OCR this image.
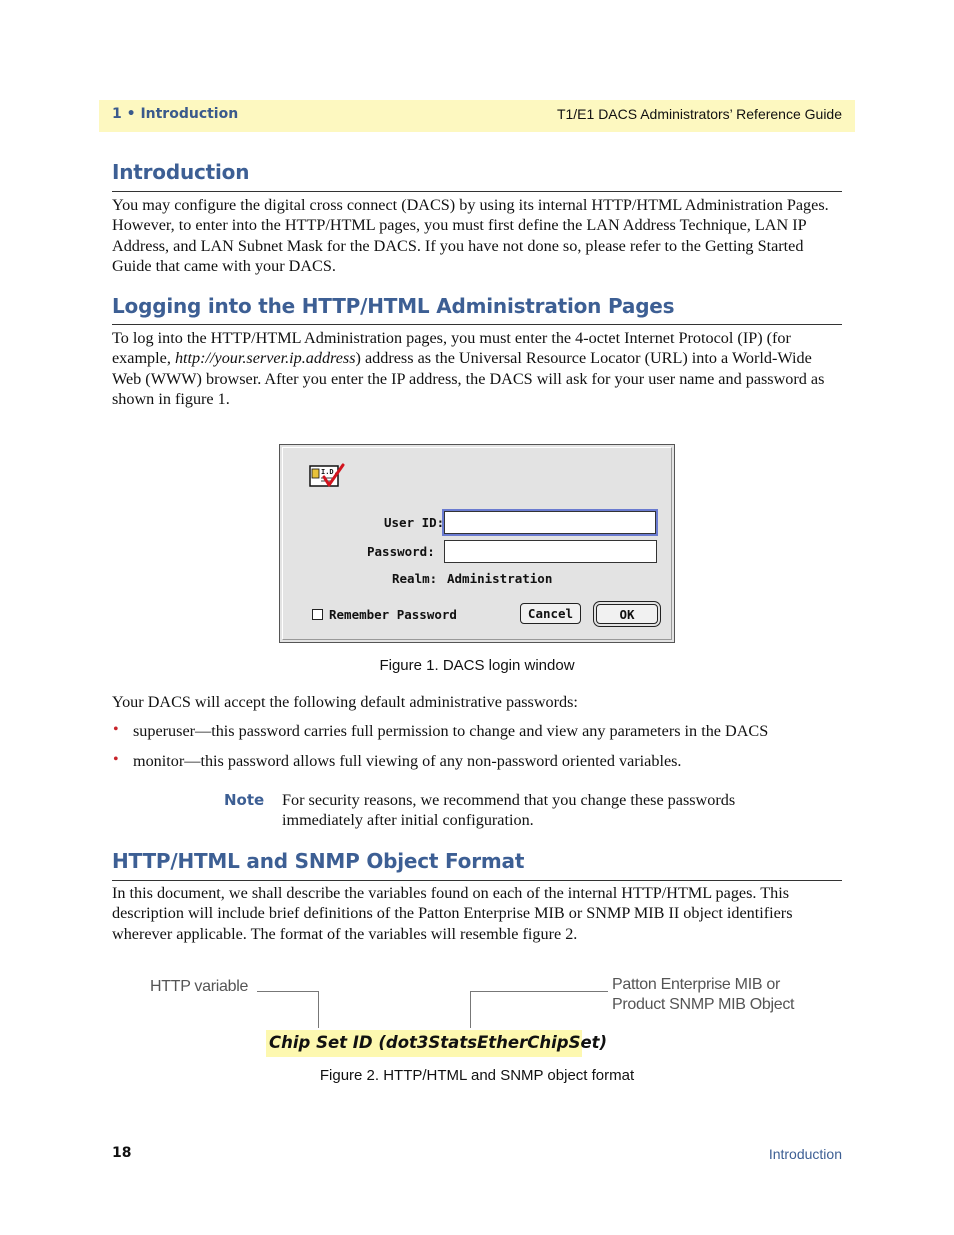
1 • Introduction	T1/E1 DACS Administrators’ Reference Guide
Introduction

You may configure the digital cross connect (DACS) by using its internal HTTP/HTML Administration Pages. However, to enter into the HTTP/HTML pages, you must first define the LAN Address Technique, LAN IP Address, and LAN Subnet Mask for the DACS. If you have not done so, please refer to the Getting Started Guide that came with your DACS.

Logging into the HTTP/HTML Administration Pages

To log into the HTTP/HTML Administration pages, you must enter the 4-octet Internet Protocol (IP) (for example, http://your.server.ip.address) address as the Universal Resource Locator (URL) into a World-Wide Web (WWW) browser. After you enter the IP address, the DACS will ask for your user name and password as shown in figure 1.

I.D.
User ID:
Password:
Realm: Administration
Remember Password	Cancel	OK
Figure 1. DACS login window

Your DACS will accept the following default administrative passwords:

• superuser—this password carries full permission to change and view any parameters in the DACS

• monitor—this password allows full viewing of any non-password oriented variables.

Note For security reasons, we recommend that you change these passwords immediately after initial configuration.

HTTP/HTML and SNMP Object Format

In this document, we shall describe the variables found on each of the internal HTTP/HTML pages. This description will include brief definitions of the Patton Enterprise MIB or SNMP MIB II object identifiers wherever applicable. The format of the variables will resemble figure 2.

HTTP variable	Patton Enterprise MIB or
Product SNMP MIB Object
Chip Set ID (dot3StatsEtherChipSet)
Figure 2. HTTP/HTML and SNMP object format
18	Introduction
